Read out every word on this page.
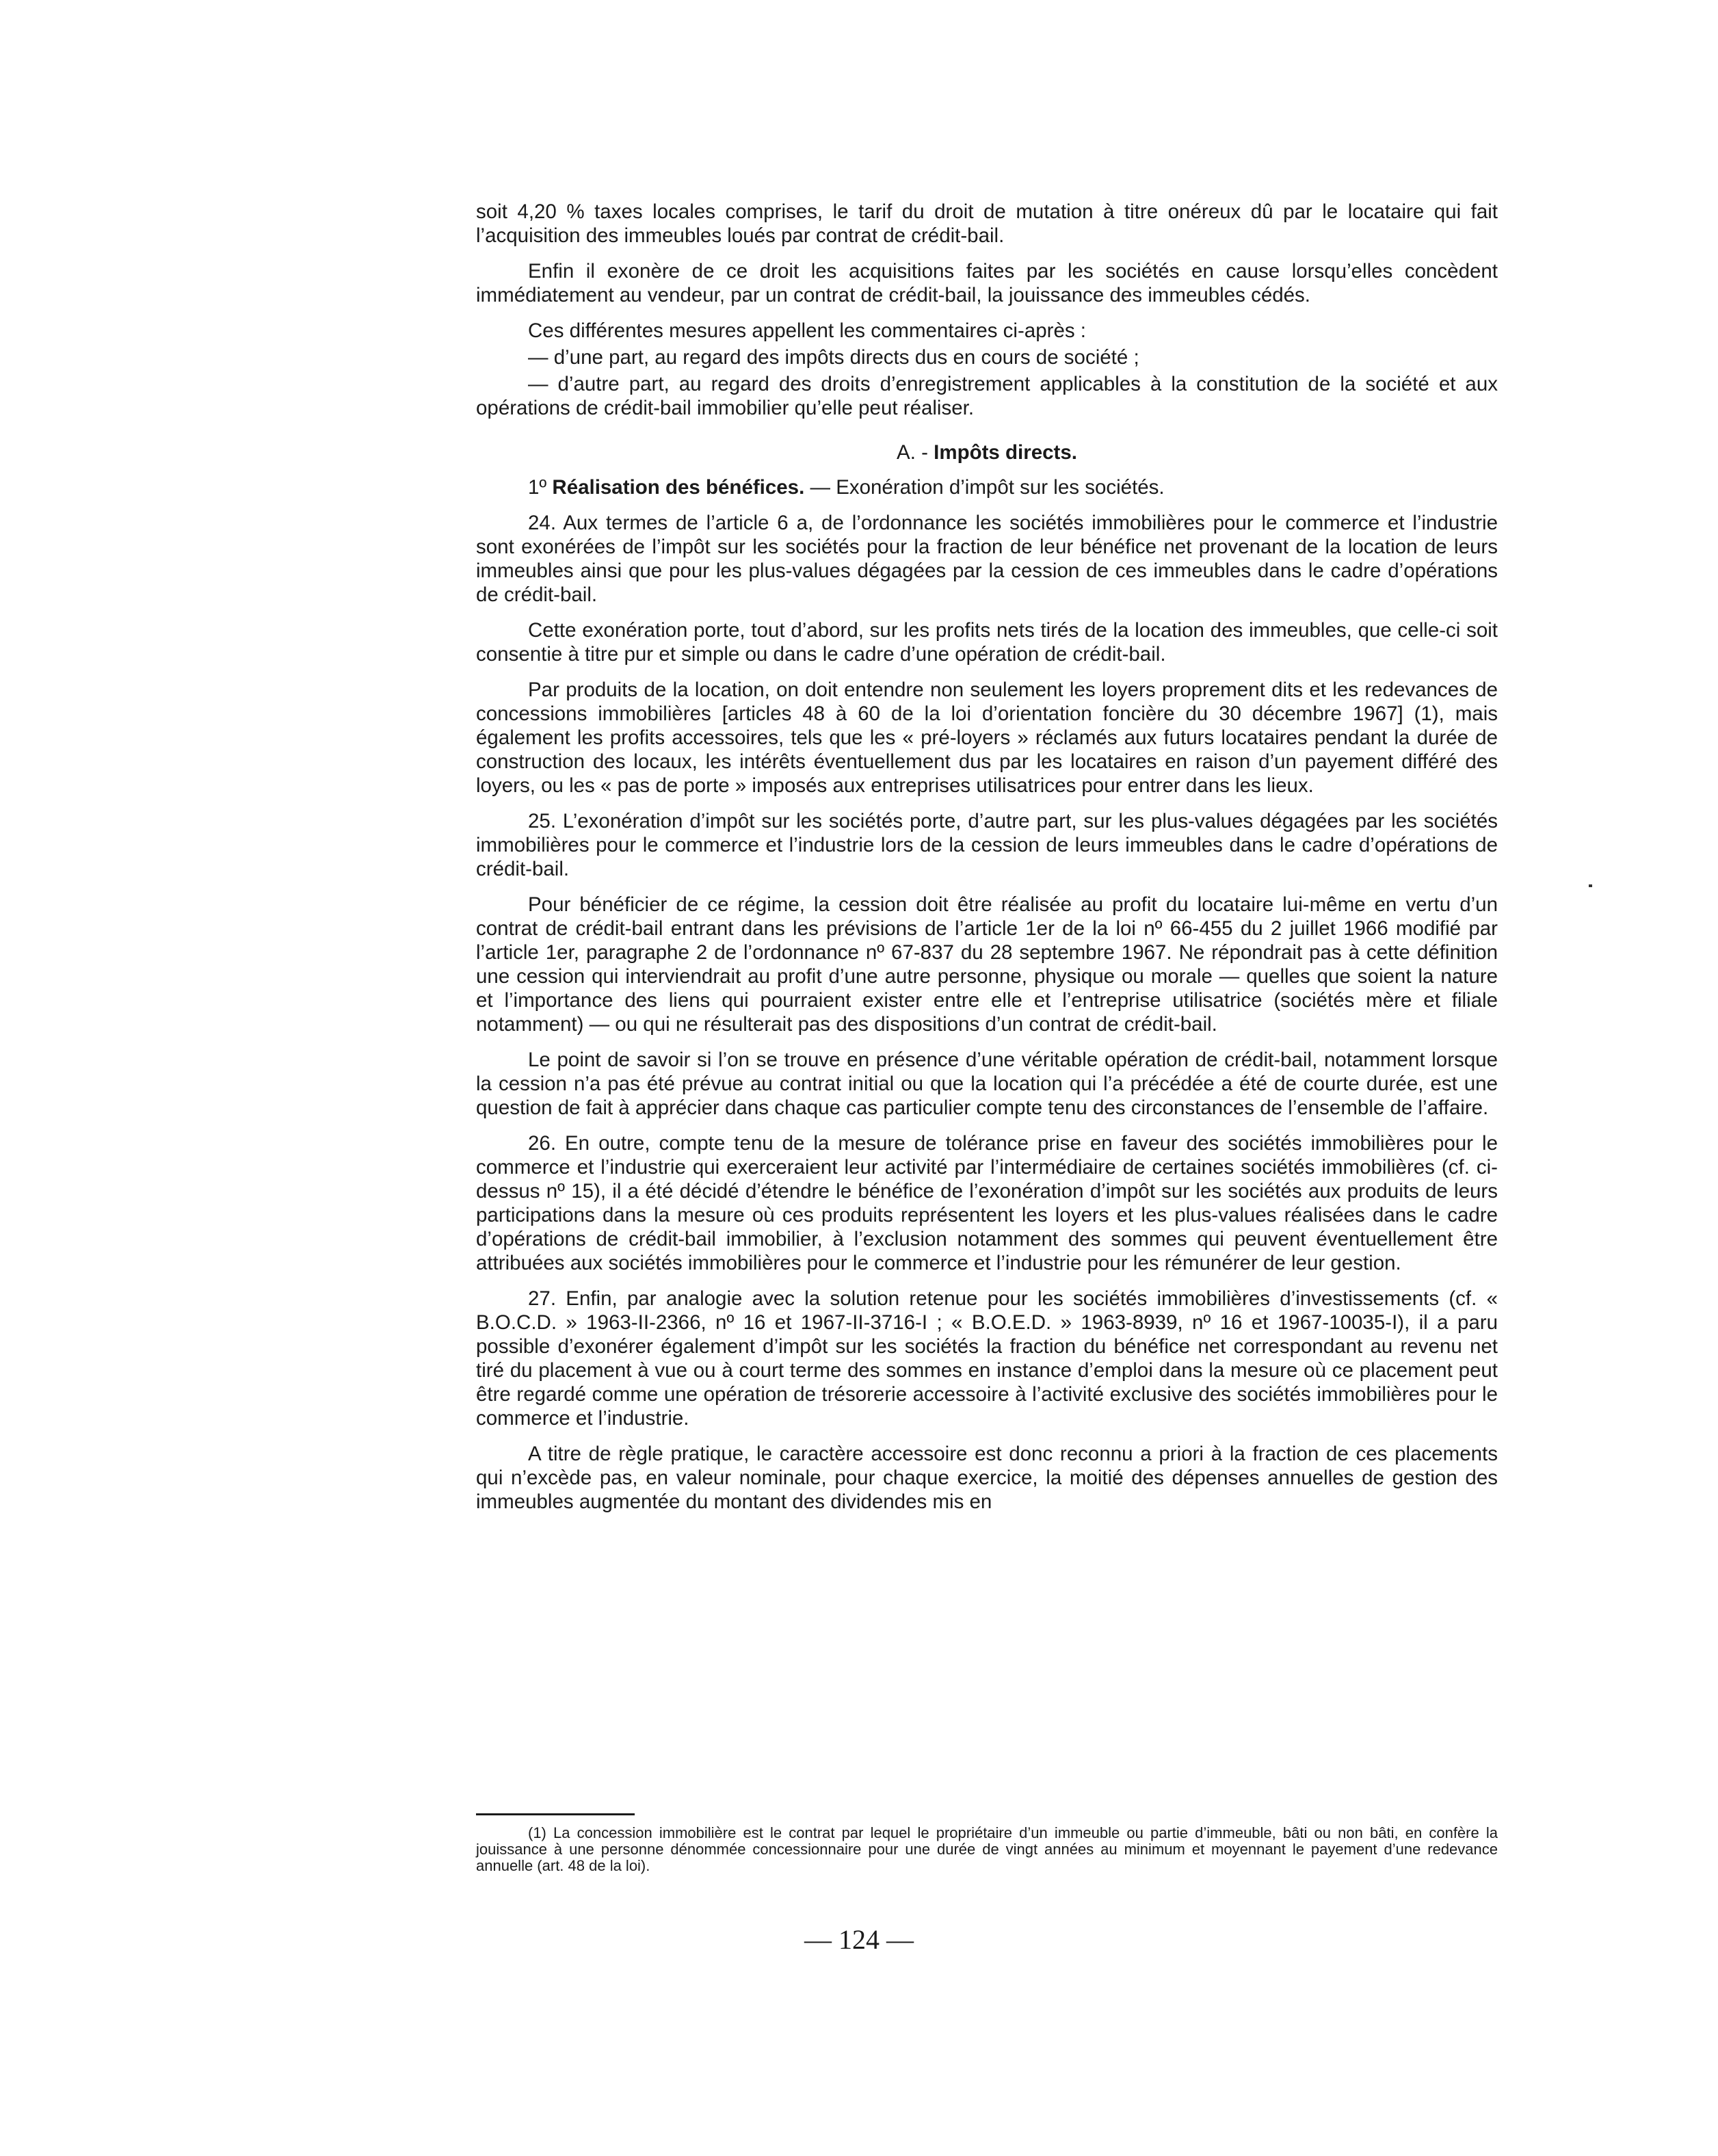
soit 4,20 % taxes locales comprises, le tarif du droit de mutation à titre onéreux dû par le locataire qui fait l’acquisition des immeubles loués par contrat de crédit-bail.

Enfin il exonère de ce droit les acquisitions faites par les sociétés en cause lorsqu’elles concèdent immédiatement au vendeur, par un contrat de crédit-bail, la jouissance des immeubles cédés.

Ces différentes mesures appellent les commentaires ci-après :

— d’une part, au regard des impôts directs dus en cours de société ;

— d’autre part, au regard des droits d’enregistrement applicables à la constitution de la société et aux opérations de crédit-bail immobilier qu’elle peut réaliser.

A. - Impôts directs.

1º Réalisation des bénéfices. — Exonération d’impôt sur les sociétés.

24. Aux termes de l’article 6 a, de l’ordonnance les sociétés immobilières pour le commerce et l’industrie sont exonérées de l’impôt sur les sociétés pour la fraction de leur bénéfice net provenant de la location de leurs immeubles ainsi que pour les plus-values dégagées par la cession de ces immeubles dans le cadre d’opérations de crédit-bail.

Cette exonération porte, tout d’abord, sur les profits nets tirés de la location des immeubles, que celle-ci soit consentie à titre pur et simple ou dans le cadre d’une opération de crédit-bail.

Par produits de la location, on doit entendre non seulement les loyers proprement dits et les redevances de concessions immobilières [articles 48 à 60 de la loi d’orientation foncière du 30 décembre 1967] (1), mais également les profits accessoires, tels que les « pré-loyers » réclamés aux futurs locataires pendant la durée de construction des locaux, les intérêts éventuellement dus par les locataires en raison d’un payement différé des loyers, ou les « pas de porte » imposés aux entreprises utilisatrices pour entrer dans les lieux.

25. L’exonération d’impôt sur les sociétés porte, d’autre part, sur les plus-values dégagées par les sociétés immobilières pour le commerce et l’industrie lors de la cession de leurs immeubles dans le cadre d’opérations de crédit-bail.

Pour bénéficier de ce régime, la cession doit être réalisée au profit du locataire lui-même en vertu d’un contrat de crédit-bail entrant dans les prévisions de l’article 1er de la loi nº 66-455 du 2 juillet 1966 modifié par l’article 1er, paragraphe 2 de l’ordonnance nº 67-837 du 28 septembre 1967. Ne répondrait pas à cette définition une cession qui interviendrait au profit d’une autre personne, physique ou morale — quelles que soient la nature et l’importance des liens qui pourraient exister entre elle et l’entreprise utilisatrice (sociétés mère et filiale notamment) — ou qui ne résulterait pas des dispositions d’un contrat de crédit-bail.

Le point de savoir si l’on se trouve en présence d’une véritable opération de crédit-bail, notamment lorsque la cession n’a pas été prévue au contrat initial ou que la location qui l’a précédée a été de courte durée, est une question de fait à apprécier dans chaque cas particulier compte tenu des circonstances de l’ensemble de l’affaire.

26. En outre, compte tenu de la mesure de tolérance prise en faveur des sociétés immobilières pour le commerce et l’industrie qui exerceraient leur activité par l’intermédiaire de certaines sociétés immobilières (cf. ci-dessus nº 15), il a été décidé d’étendre le bénéfice de l’exonération d’impôt sur les sociétés aux produits de leurs participations dans la mesure où ces produits représentent les loyers et les plus-values réalisées dans le cadre d’opérations de crédit-bail immobilier, à l’exclusion notamment des sommes qui peuvent éventuellement être attribuées aux sociétés immobilières pour le commerce et l’industrie pour les rémunérer de leur gestion.

27. Enfin, par analogie avec la solution retenue pour les sociétés immobilières d’investissements (cf. « B.O.C.D. » 1963-II-2366, nº 16 et 1967-II-3716-I ; « B.O.E.D. » 1963-8939, nº 16 et 1967-10035-I), il a paru possible d’exonérer également d’impôt sur les sociétés la fraction du bénéfice net correspondant au revenu net tiré du placement à vue ou à court terme des sommes en instance d’emploi dans la mesure où ce placement peut être regardé comme une opération de trésorerie accessoire à l’activité exclusive des sociétés immobilières pour le commerce et l’industrie.

A titre de règle pratique, le caractère accessoire est donc reconnu a priori à la fraction de ces placements qui n’excède pas, en valeur nominale, pour chaque exercice, la moitié des dépenses annuelles de gestion des immeubles augmentée du montant des dividendes mis en

(1) La concession immobilière est le contrat par lequel le propriétaire d’un immeuble ou partie d’immeuble, bâti ou non bâti, en confère la jouissance à une personne dénommée concessionnaire pour une durée de vingt années au minimum et moyennant le payement d’une redevance annuelle (art. 48 de la loi).

— 124 —
